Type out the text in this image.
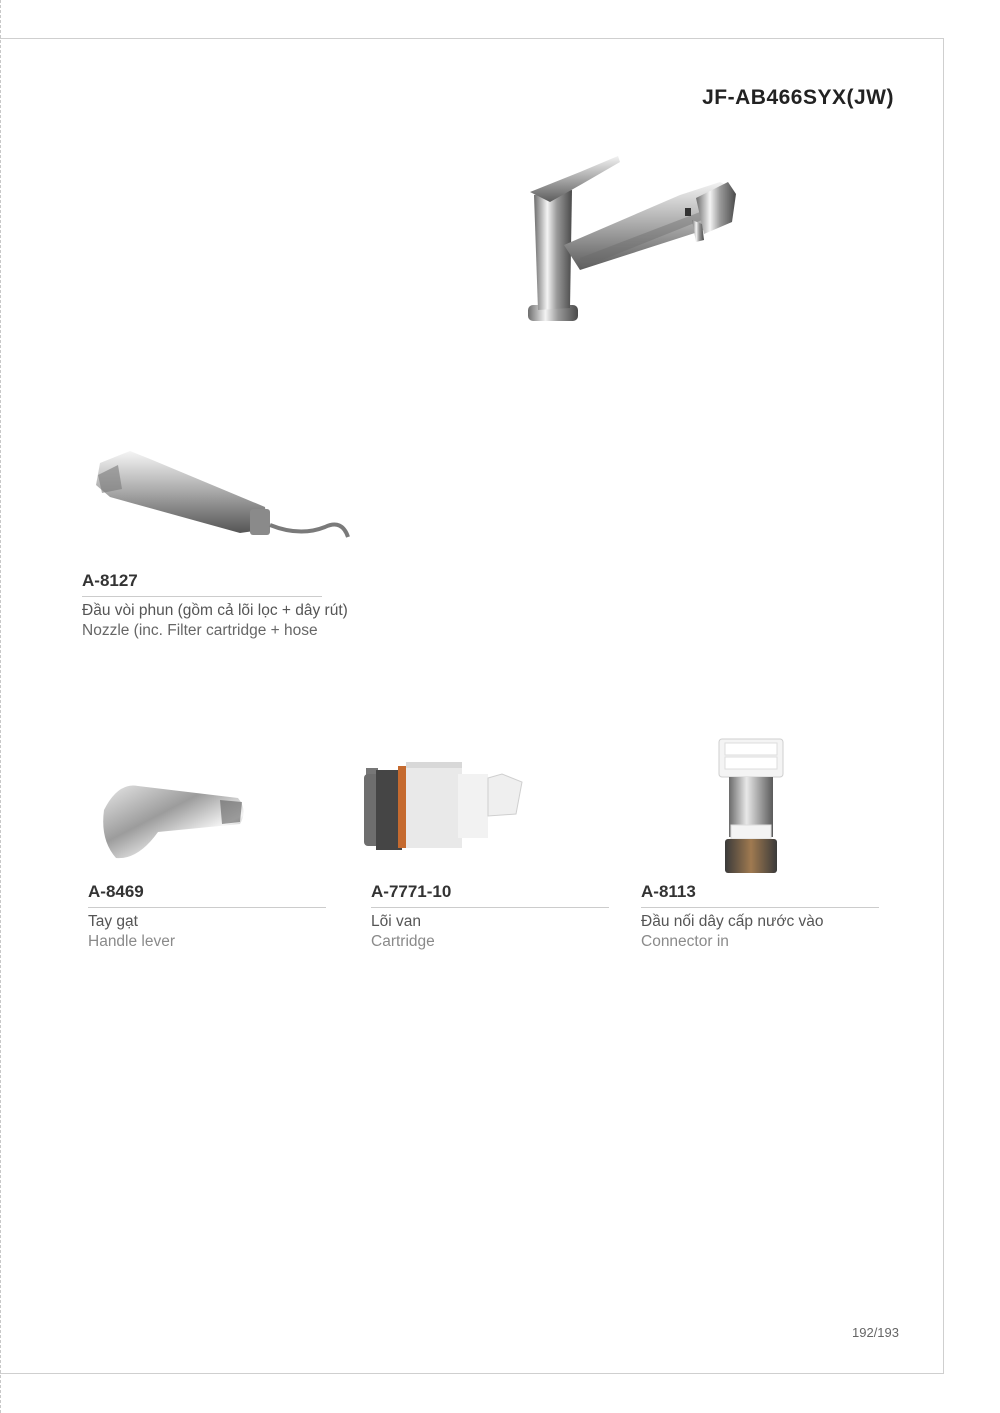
JF-AB466SYX(JW)
A-8127
Đầu vòi phun (gồm cả lõi lọc + dây rút)
Nozzle (inc. Filter cartridge + hose
A-8469
Tay gạt
Handle lever
A-7771-10
Lõi van
Cartridge
A-8113
Đầu nối dây cấp nước vào
Connector in
192/193
